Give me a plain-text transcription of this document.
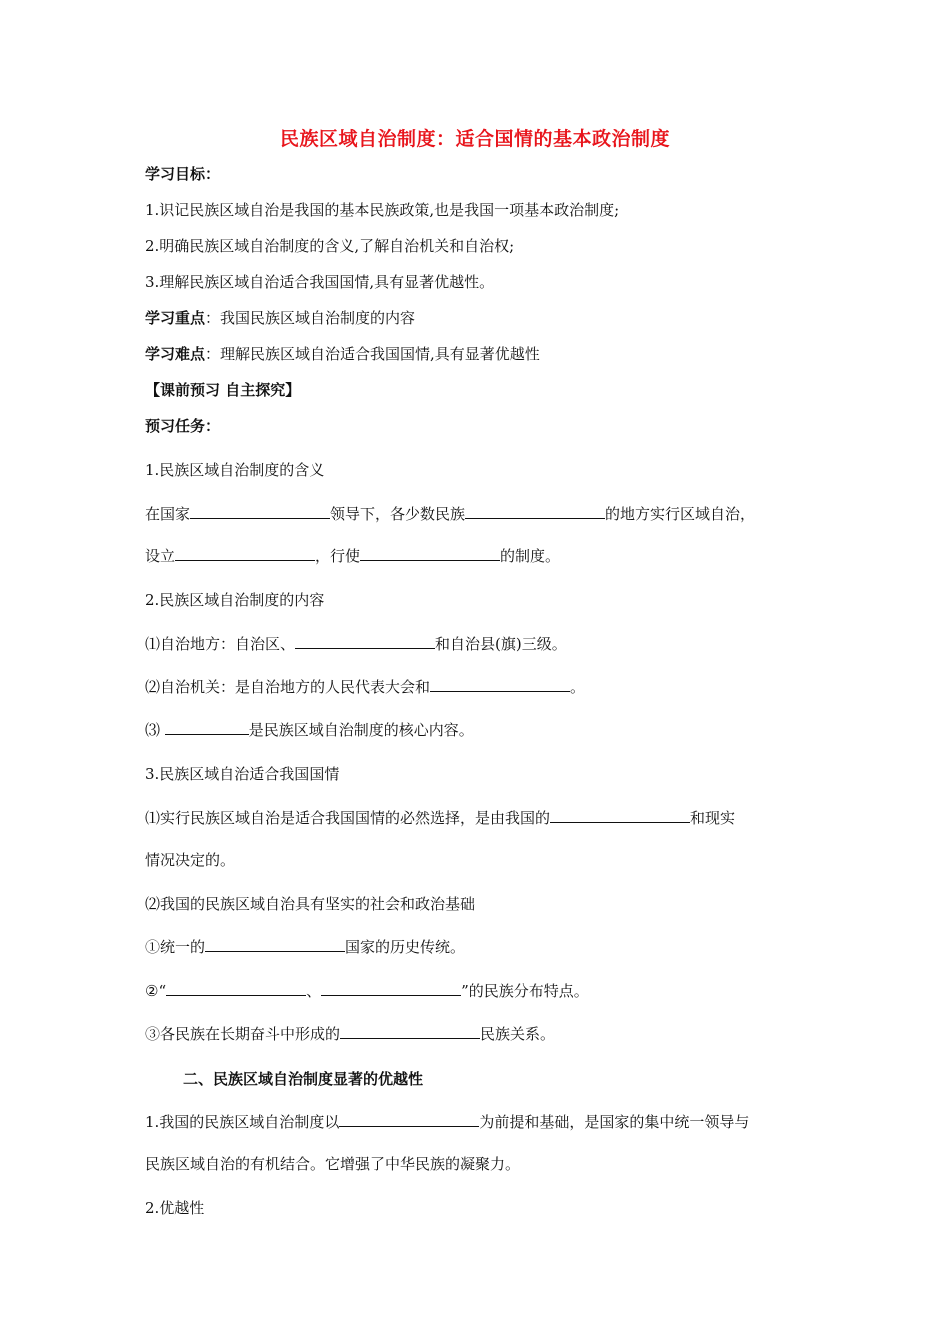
民族区域自治制度：适合国情的基本政治制度
学习目标：
1.识记民族区域自治是我国的基本民族政策,也是我国一项基本政治制度;
2.明确民族区域自治制度的含义,了解自治机关和自治权;
3.理解民族区域自治适合我国国情,具有显著优越性。
学习重点：我国民族区域自治制度的内容
学习难点：理解民族区域自治适合我国国情,具有显著优越性
【课前预习 自主探究】
预习任务：
1.民族区域自治制度的含义
在国家	领导下，各少数民族	的地方实行区域自治，
设立	，行使	的制度。
2.民族区域自治制度的内容
⑴自治地方：自治区、	和自治县(旗)三级。
⑵自治机关：是自治地方的人民代表大会和	。
⑶	是民族区域自治制度的核心内容。
3.民族区域自治适合我国国情
⑴实行民族区域自治是适合我国国情的必然选择，是由我国的	和现实
情况决定的。
⑵我国的民族区域自治具有坚实的社会和政治基础
①统一的	国家的历史传统。
②“	、	”的民族分布特点。
③各民族在长期奋斗中形成的	民族关系。
二、民族区域自治制度显著的优越性
1.我国的民族区域自治制度以	为前提和基础，是国家的集中统一领导与
民族区域自治的有机结合。它增强了中华民族的凝聚力。
2.优越性
